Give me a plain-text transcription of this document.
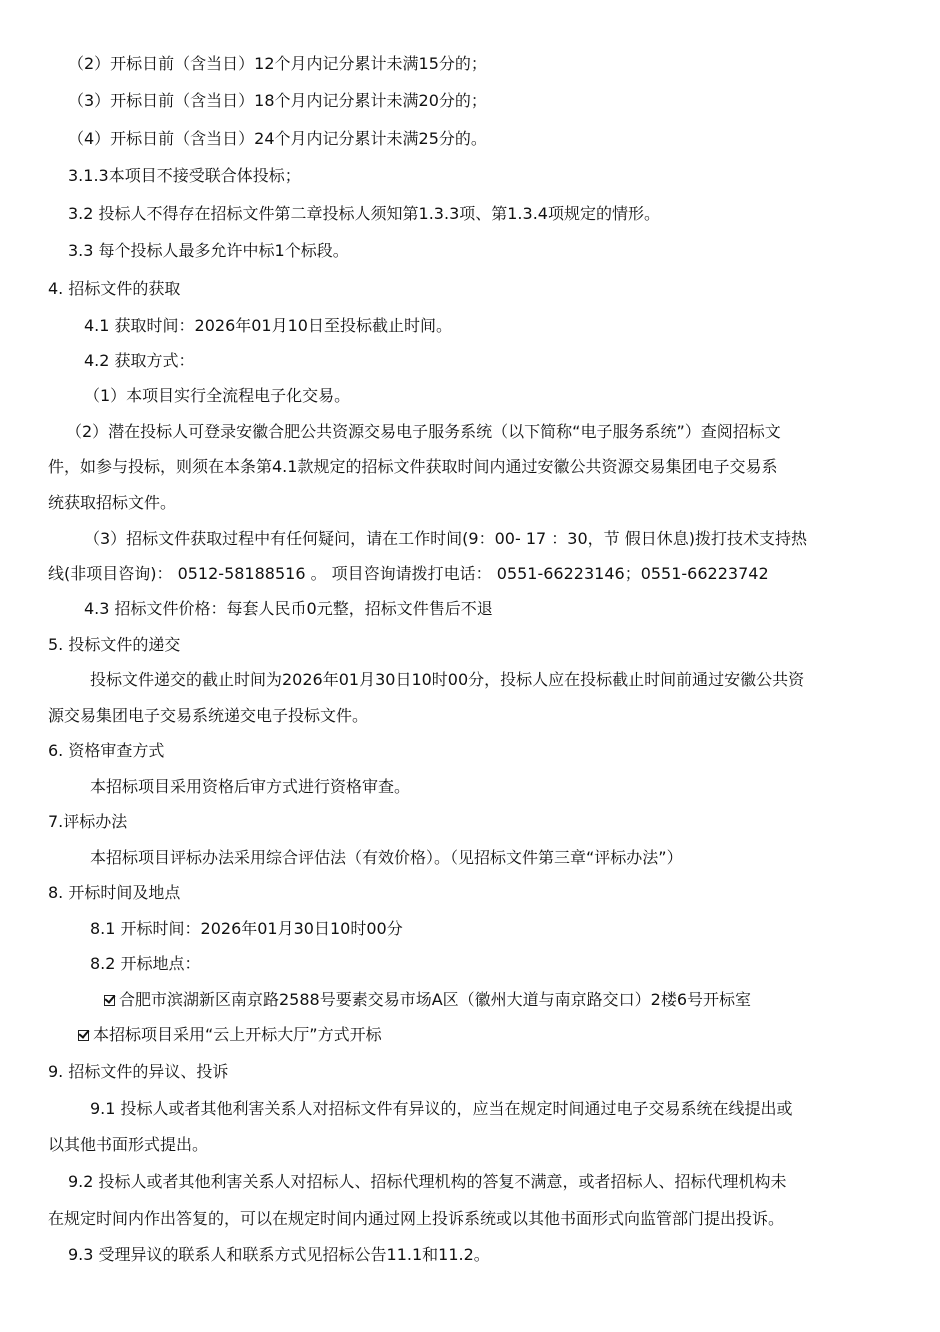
（2）开标日前（含当日）12个月内记分累计未满15分的；
（3）开标日前（含当日）18个月内记分累计未满20分的；
（4）开标日前（含当日）24个月内记分累计未满25分的。
3.1.3本项目不接受联合体投标；
3.2 投标人不得存在招标文件第二章投标人须知第1.3.3项、第1.3.4项规定的情形。
3.3 每个投标人最多允许中标1个标段。
4. 招标文件的获取
4.1 获取时间：2026年01月10日至投标截止时间。
4.2 获取方式：
（1）本项目实行全流程电子化交易。
（2）潜在投标人可登录安徽合肥公共资源交易电子服务系统（以下简称“电子服务系统”）查阅招标文
件，如参与投标，则须在本条第4.1款规定的招标文件获取时间内通过安徽公共资源交易集团电子交易系
统获取招标文件。
（3）招标文件获取过程中有任何疑问，请在工作时间(9：00- 17 ：30，节 假日休息)拨打技术支持热
线(非项目咨询)： 0512-58188516 。 项目咨询请拨打电话： 0551-66223146；0551-66223742
4.3 招标文件价格：每套人民币0元整，招标文件售后不退
5. 投标文件的递交
投标文件递交的截止时间为2026年01月30日10时00分，投标人应在投标截止时间前通过安徽公共资
源交易集团电子交易系统递交电子投标文件。
6. 资格审查方式
本招标项目采用资格后审方式进行资格审查。
7.评标办法
本招标项目评标办法采用综合评估法（有效价格）。（见招标文件第三章“评标办法”）
8. 开标时间及地点
8.1 开标时间：2026年01月30日10时00分
8.2 开标地点：
合肥市滨湖新区南京路2588号要素交易市场A区（徽州大道与南京路交口）2楼6号开标室
本招标项目采用“云上开标大厅”方式开标
9. 招标文件的异议、投诉
9.1 投标人或者其他利害关系人对招标文件有异议的，应当在规定时间通过电子交易系统在线提出或
以其他书面形式提出。
9.2 投标人或者其他利害关系人对招标人、招标代理机构的答复不满意，或者招标人、招标代理机构未
在规定时间内作出答复的，可以在规定时间内通过网上投诉系统或以其他书面形式向监管部门提出投诉。
9.3 受理异议的联系人和联系方式见招标公告11.1和11.2。
